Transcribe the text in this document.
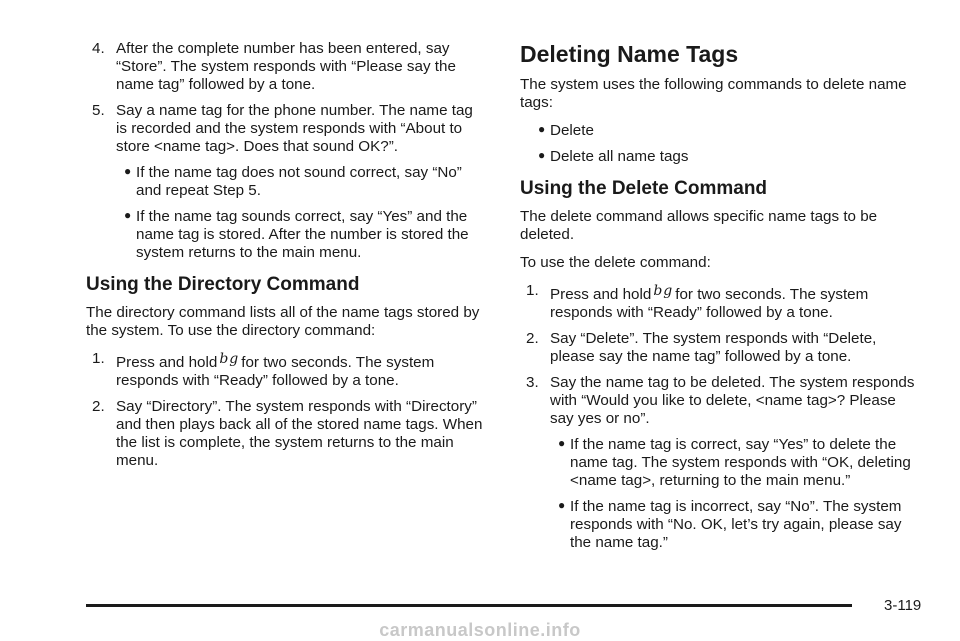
4. After the complete number has been entered, say “Store”. The system responds with “Please say the name tag” followed by a tone.

5. Say a name tag for the phone number. The name tag is recorded and the system responds with “About to store <name tag>. Does that sound OK?”.

● If the name tag does not sound correct, say “No” and repeat Step 5.

● If the name tag sounds correct, say “Yes” and the name tag is stored. After the number is stored the system returns to the main menu.

Using the Directory Command

The directory command lists all of the name tags stored by the system. To use the directory command:

1. Press and hold bg for two seconds. The system responds with “Ready” followed by a tone.

2. Say “Directory”. The system responds with “Directory” and then plays back all of the stored name tags. When the list is complete, the system returns to the main menu.

Deleting Name Tags

The system uses the following commands to delete name tags:

● Delete

● Delete all name tags

Using the Delete Command

The delete command allows specific name tags to be deleted.

To use the delete command:

1. Press and hold bg for two seconds. The system responds with “Ready” followed by a tone.

2. Say “Delete”. The system responds with “Delete, please say the name tag” followed by a tone.

3. Say the name tag to be deleted. The system responds with “Would you like to delete, <name tag>? Please say yes or no”.

● If the name tag is correct, say “Yes” to delete the name tag. The system responds with “OK, deleting <name tag>, returning to the main menu.”

● If the name tag is incorrect, say “No”. The system responds with “No. OK, let’s try again, please say the name tag.”

3-119
carmanualsonline.info
